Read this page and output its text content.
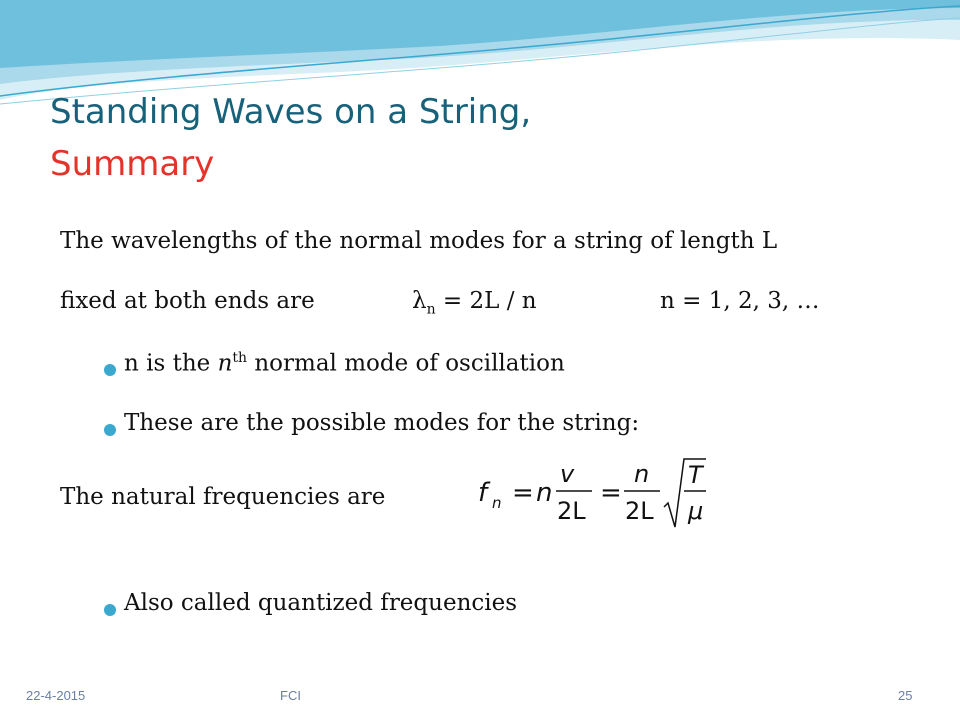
Standing Waves on a String,
Summary
The wavelengths of the normal modes for a string of length L
fixed at both ends are	$\lambda_n = 2L / n$	n = 1, 2, 3, …
n is the $n^{th}$ normal mode of oscillation
These are the possible modes for the string:
The natural frequencies are	f n = n
v
2L
=
n
2L
T
μ
Also called quantized frequencies
22-4-2015	FCI	25
